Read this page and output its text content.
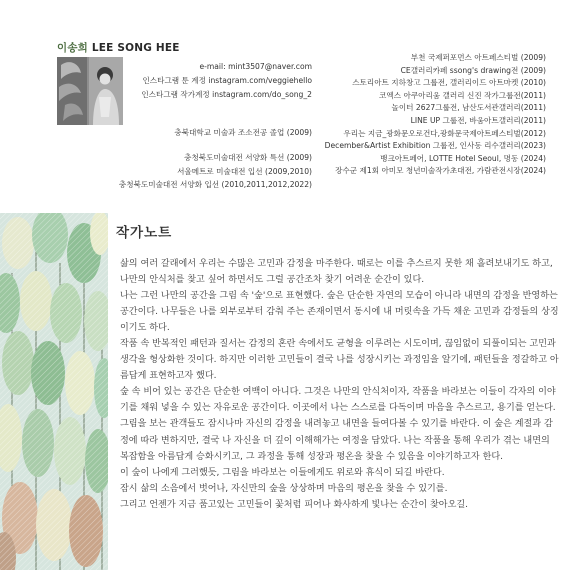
이송희 LEE SONG HEE
e-mail: mint3507@naver.com
인스타그램 툰 계정 instagram.com/veggiehello
인스타그램 작가계정 instagram.com/do_song_2
충북대학교 미술과 조소전공 졸업 (2009)
충청북도미술대전 서양화 특선 (2009)
서울메트로 미술대전 입선 (2009,2010)
충청북도미술대전 서양화 입선 (2010,2011,2012,2022)
부천 국제퍼포먼스 아트페스티벌 (2009)
CE갤러리카페 ssong's drawing전 (2009)
스토리아트 지하창고 그룹전, 갤러리이드 아트마켓 (2010)
코엑스 아쿠아리움 갤러리 신진 작가그룹전(2011)
놀이터 2627그룹전, 남산도서관갤러리(2011)
LINE UP 그룹전, 바움아트갤러리(2011)
우리는 지금_광화문오로건다,광화문국제아트페스티벌(2012)
December&Artist Exhibition 그룹전, 인사동 리수갤러리(2023)
뱅크아트페어, LOTTE Hotel Seoul, 명동 (2024)
장수군 제1회 아미모 청년미술작가초대전, 가람관전시장(2024)
작가노트

삶의 여러 갈래에서 우리는 수많은 고민과 감정을 마주한다. 때로는 이를 추스르지 못한 채 흘려보내기도 하고, 나만의 안식처를 찾고 싶어 하면서도 그럴 공간조차 찾기 어려운 순간이 있다.

나는 그런 나만의 공간을 그림 속 '숲'으로 표현했다. 숲은 단순한 자연의 모습이 아니라 내면의 감정을 반영하는 공간이다. 나무들은 나를 외부로부터 감춰 주는 존재이면서 동시에 내 머릿속을 가득 채운 고민과 감정들의 상징이기도 하다.

작품 속 반복적인 패턴과 질서는 감정의 혼란 속에서도 균형을 이루려는 시도이며, 끊임없이 되풀이되는 고민과 생각을 형상화한 것이다. 하지만 이러한 고민들이 결국 나를 성장시키는 과정임을 알기에, 패턴들을 정갈하고 아름답게 표현하고자 했다.

숲 속 비어 있는 공간은 단순한 여백이 아니다. 그것은 나만의 안식처이자, 작품을 바라보는 이들이 각자의 이야기를 채워 넣을 수 있는 자유로운 공간이다. 이곳에서 나는 스스로를 다독이며 마음을 추스르고, 용기를 얻는다. 그림을 보는 관객들도 잠시나마 자신의 감정을 내려놓고 내면을 들여다볼 수 있기를 바란다. 이 숲은 계절과 감정에 따라 변하지만, 결국 나 자신을 더 깊이 이해해가는 여정을 담았다. 나는 작품을 통해 우리가 겪는 내면의 복잡함을 아름답게 승화시키고, 그 과정을 통해 성장과 평온을 찾을 수 있음을 이야기하고자 한다.

이 숲이 나에게 그러했듯, 그림을 바라보는 이들에게도 위로와 휴식이 되길 바란다.

잠시 삶의 소음에서 벗어나, 자신만의 숲을 상상하며 마음의 평온을 찾을 수 있기를.

그리고 언젠가 지금 품고있는 고민들이 꽃처럼 피어나 화사하게 빛나는 순간이 찾아오길.
